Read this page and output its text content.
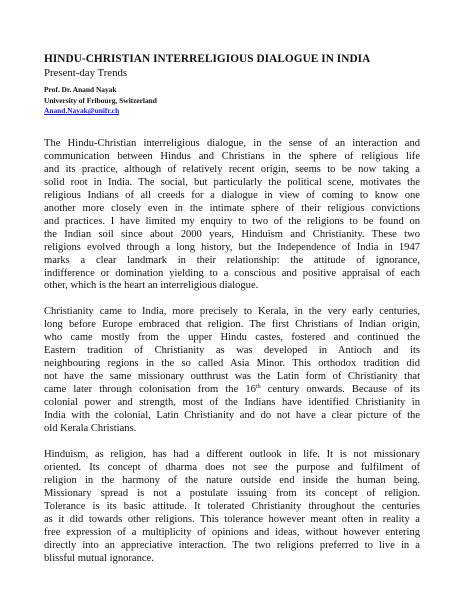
HINDU-CHRISTIAN INTERRELIGIOUS DIALOGUE IN INDIA
Present-day Trends
Prof. Dr. Anand Nayak
University of Fribourg, Switzerland
Anand.Nayak@unifr.ch
The Hindu-Christian interreligious dialogue, in the sense of an interaction and
communication between Hindus and Christians in the sphere of religious life
and its practice, although of relatively recent origin, seems to be now taking a
solid root in India. The social, but particularly the political scene, motivates the
religious Indians of all creeds for a dialogue in view of coming to know one
another more closely even in the intimate sphere of their religious convictions
and practices. I have limited my enquiry to two of the religions to be found on
the Indian soil since about 2000 years, Hinduism and Christianity. These two
religions evolved through a long history, but the Independence of India in 1947
marks a clear landmark in their relationship: the attitude of ignorance,
indifference or domination yielding to a conscious and positive appraisal of each
other, which is the heart an interreligious dialogue.
Christianity came to India, more precisely to Kerala, in the very early centuries,
long before Europe embraced that religion. The first Christians of Indian origin,
who came mostly from the upper Hindu castes, fostered and continued the
Eastern tradition of Christianity as was developed in Antioch and its
neighbouring regions in the so called Asia Minor. This orthodox tradition did
not have the same missionary outthrust was the Latin form of Christianity that
came later through colonisation from the 16th century onwards. Because of its
colonial power and strength, most of the Indians have identified Christianity in
India with the colonial, Latin Christianity and do not have a clear picture of the
old Kerala Christians.
Hinduism, as religion, has had a different outlook in life. It is not missionary
oriented. Its concept of dharma does not see the purpose and fulfilment of
religion in the harmony of the nature outside end inside the human being.
Missionary spread is not a postulate issuing from its concept of religion.
Tolerance is its basic attitude. It tolerated Christianity throughout the centuries
as it did towards other religions. This tolerance however meant often in reality a
free expression of a multiplicity of opinions and ideas, without however entering
directly into an appreciative interaction. The two religions preferred to live in a
blissful mutual ignorance.
